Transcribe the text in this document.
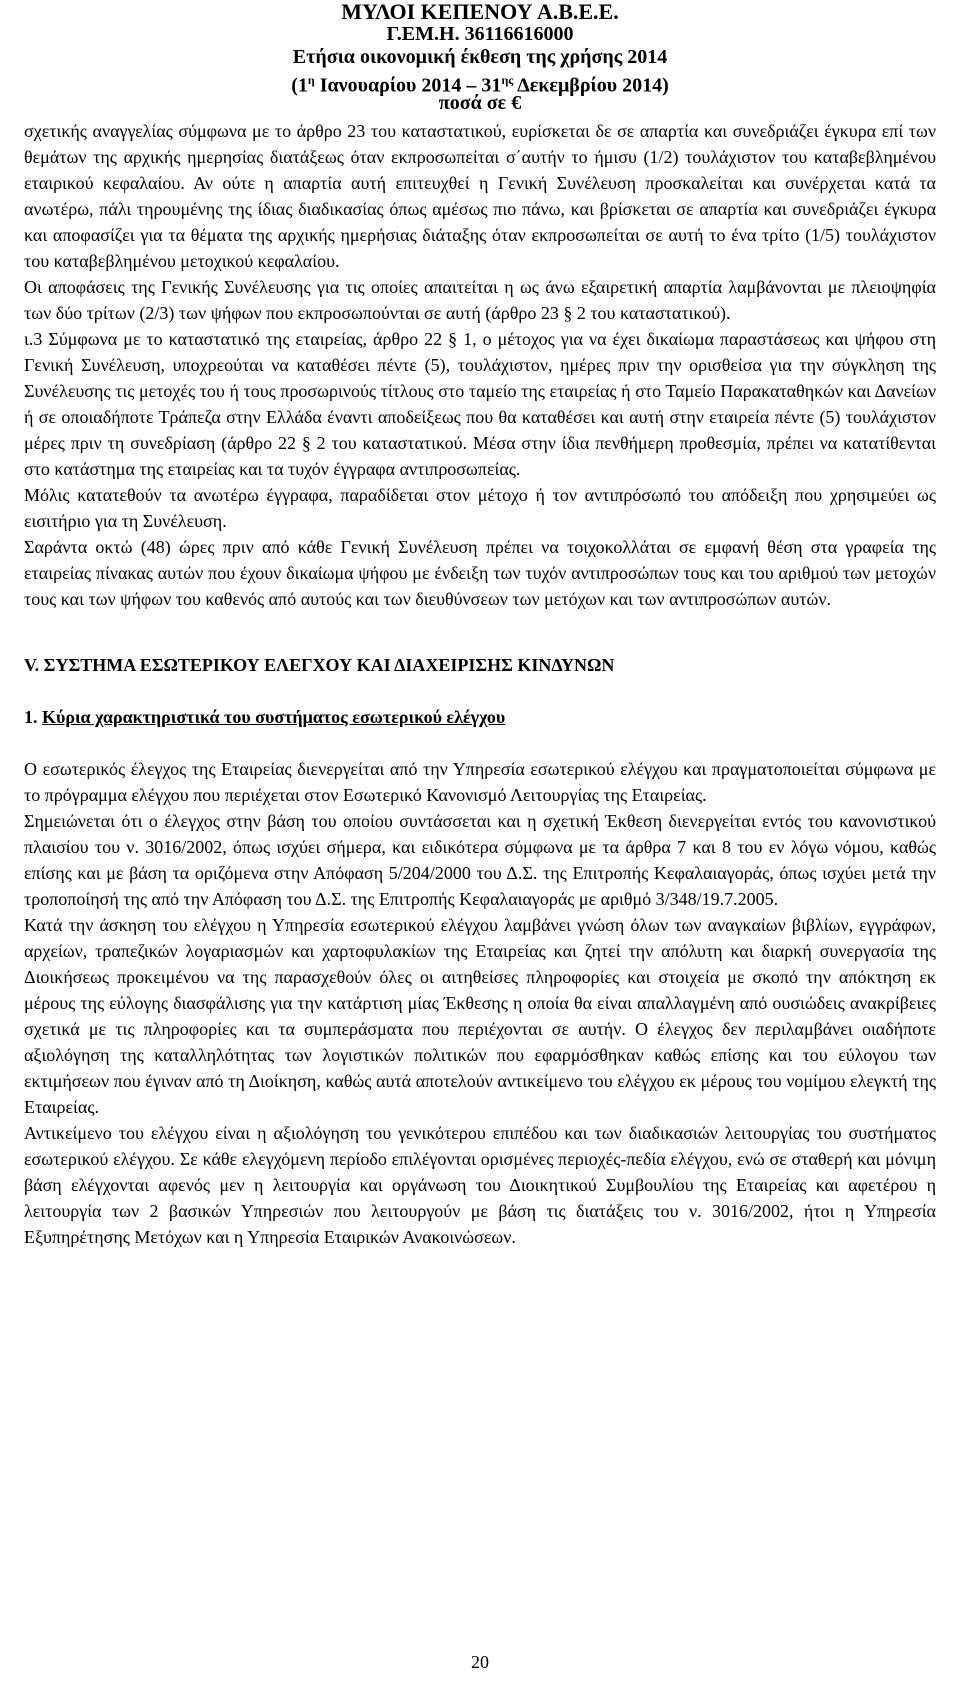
ΜΥΛΟΙ ΚΕΠΕΝΟΥ Α.Β.Ε.Ε.
Γ.ΕΜ.Η. 36116616000
Ετήσια οικονομική έκθεση της χρήσης 2014
($1^\eta$ Ιανουαρίου $2014 - 31^{\eta\varsigma}$ Δεκεμβρίου 2014)
ποσά σε €

σχετικής αναγγελίας σύμφωνα με το άρθρο 23 του καταστατικού, ευρίσκεται δε σε απαρτία και συνεδριάζει έγκυρα επί των θεμάτων της αρχικής ημερησίας διατάξεως όταν εκπροσωπείται σ΄αυτήν το ήμισυ (1/2) τουλάχιστον του καταβεβλημένου εταιρικού κεφαλαίου. Αν ούτε η απαρτία αυτή επιτευχθεί η Γενική Συνέλευση προσκαλείται και συνέρχεται κατά τα ανωτέρω, πάλι τηρουμένης της ίδιας διαδικασίας όπως αμέσως πιο πάνω, και βρίσκεται σε απαρτία και συνεδριάζει έγκυρα και αποφασίζει για τα θέματα της αρχικής ημερήσιας διάταξης όταν εκπροσωπείται σε αυτή το ένα τρίτο (1/5) τουλάχιστον του καταβεβλημένου μετοχικού κεφαλαίου.

Οι αποφάσεις της Γενικής Συνέλευσης για τις οποίες απαιτείται η ως άνω εξαιρετική απαρτία λαμβάνονται με πλειοψηφία των δύο τρίτων (2/3) των ψήφων που εκπροσωπούνται σε αυτή (άρθρο 23 § 2 του καταστατικού).

ι.3 Σύμφωνα με το καταστατικό της εταιρείας, άρθρο 22 § 1, ο μέτοχος για να έχει δικαίωμα παραστάσεως και ψήφου στη Γενική Συνέλευση, υποχρεούται να καταθέσει πέντε (5), τουλάχιστον, ημέρες πριν την ορισθείσα για την σύγκληση της Συνέλευσης τις μετοχές του ή τους προσωρινούς τίτλους στο ταμείο της εταιρείας ή στο Ταμείο Παρακαταθηκών και Δανείων ή σε οποιαδήποτε Τράπεζα στην Ελλάδα έναντι αποδείξεως που θα καταθέσει και αυτή στην εταιρεία πέντε (5) τουλάχιστον μέρες πριν τη συνεδρίαση (άρθρο 22 § 2 του καταστατικού. Μέσα στην ίδια πενθήμερη προθεσμία, πρέπει να κατατίθενται στο κατάστημα της εταιρείας και τα τυχόν έγγραφα αντιπροσωπείας.

Μόλις κατατεθούν τα ανωτέρω έγγραφα, παραδίδεται στον μέτοχο ή τον αντιπρόσωπό του απόδειξη που χρησιμεύει ως εισιτήριο για τη Συνέλευση.

Σαράντα οκτώ (48) ώρες πριν από κάθε Γενική Συνέλευση πρέπει να τοιχοκολλάται σε εμφανή θέση στα γραφεία της εταιρείας πίνακας αυτών που έχουν δικαίωμα ψήφου με ένδειξη των τυχόν αντιπροσώπων τους και του αριθμού των μετοχών τους και των ψήφων του καθενός από αυτούς και των διευθύνσεων των μετόχων και των αντιπροσώπων αυτών.

V. ΣΥΣΤΗΜΑ ΕΣΩΤΕΡΙΚΟΥ ΕΛΕΓΧΟΥ ΚΑΙ ΔΙΑΧΕΙΡΙΣΗΣ ΚΙΝΔΥΝΩΝ

1. Κύρια χαρακτηριστικά του συστήματος εσωτερικού ελέγχου

Ο εσωτερικός έλεγχος της Εταιρείας διενεργείται από την Υπηρεσία εσωτερικού ελέγχου και πραγματοποιείται σύμφωνα με το πρόγραμμα ελέγχου που περιέχεται στον Εσωτερικό Κανονισμό Λειτουργίας της Εταιρείας.

Σημειώνεται ότι ο έλεγχος στην βάση του οποίου συντάσσεται και η σχετική Έκθεση διενεργείται εντός του κανονιστικού πλαισίου του ν. 3016/2002, όπως ισχύει σήμερα, και ειδικότερα σύμφωνα με τα άρθρα 7 και 8 του εν λόγω νόμου, καθώς επίσης και με βάση τα οριζόμενα στην Απόφαση 5/204/2000 του Δ.Σ. της Επιτροπής Κεφαλαιαγοράς, όπως ισχύει μετά την τροποποίησή της από την Απόφαση του Δ.Σ. της Επιτροπής Κεφαλαιαγοράς με αριθμό 3/348/19.7.2005.

Κατά την άσκηση του ελέγχου η Υπηρεσία εσωτερικού ελέγχου λαμβάνει γνώση όλων των αναγκαίων βιβλίων, εγγράφων, αρχείων, τραπεζικών λογαριασμών και χαρτοφυλακίων της Εταιρείας και ζητεί την απόλυτη και διαρκή συνεργασία της Διοικήσεως προκειμένου να της παρασχεθούν όλες οι αιτηθείσες πληροφορίες και στοιχεία με σκοπό την απόκτηση εκ μέρους της εύλογης διασφάλισης για την κατάρτιση μίας Έκθεσης η οποία θα είναι απαλλαγμένη από ουσιώδεις ανακρίβειες σχετικά με τις πληροφορίες και τα συμπεράσματα που περιέχονται σε αυτήν. Ο έλεγχος δεν περιλαμβάνει οιαδήποτε αξιολόγηση της καταλληλότητας των λογιστικών πολιτικών που εφαρμόσθηκαν καθώς επίσης και του εύλογου των εκτιμήσεων που έγιναν από τη Διοίκηση, καθώς αυτά αποτελούν αντικείμενο του ελέγχου εκ μέρους του νομίμου ελεγκτή της Εταιρείας.

Αντικείμενο του ελέγχου είναι η αξιολόγηση του γενικότερου επιπέδου και των διαδικασιών λειτουργίας του συστήματος εσωτερικού ελέγχου. Σε κάθε ελεγχόμενη περίοδο επιλέγονται ορισμένες περιοχές-πεδία ελέγχου, ενώ σε σταθερή και μόνιμη βάση ελέγχονται αφενός μεν η λειτουργία και οργάνωση του Διοικητικού Συμβουλίου της Εταιρείας και αφετέρου η λειτουργία των 2 βασικών Υπηρεσιών που λειτουργούν με βάση τις διατάξεις του ν. 3016/2002, ήτοι η Υπηρεσία Εξυπηρέτησης Μετόχων και η Υπηρεσία Εταιρικών Ανακοινώσεων.

20
